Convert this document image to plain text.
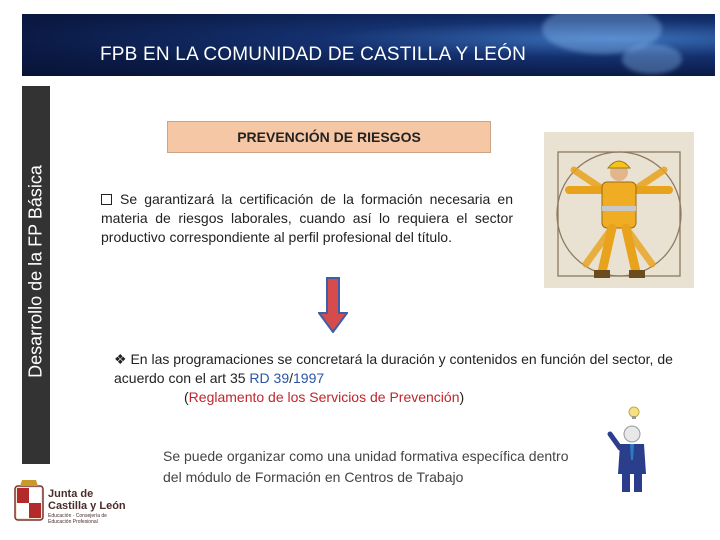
FPB EN LA COMUNIDAD DE CASTILLA Y LEÓN
Desarrollo de la FP Básica
PREVENCIÓN DE RIESGOS
Se garantizará la certificación de la formación necesaria en materia de riesgos laborales, cuando así lo requiera el sector productivo correspondiente al perfil profesional del título.
❖ En las programaciones se concretará la duración y contenidos en función del sector, de acuerdo con el art 35 RD 39/1997
(Reglamento de los Servicios de Prevención)
Se puede organizar como una unidad formativa específica dentro del módulo de Formación en Centros de Trabajo
Junta de
Castilla y León
Educación · Consejería de
Educación Profesional
